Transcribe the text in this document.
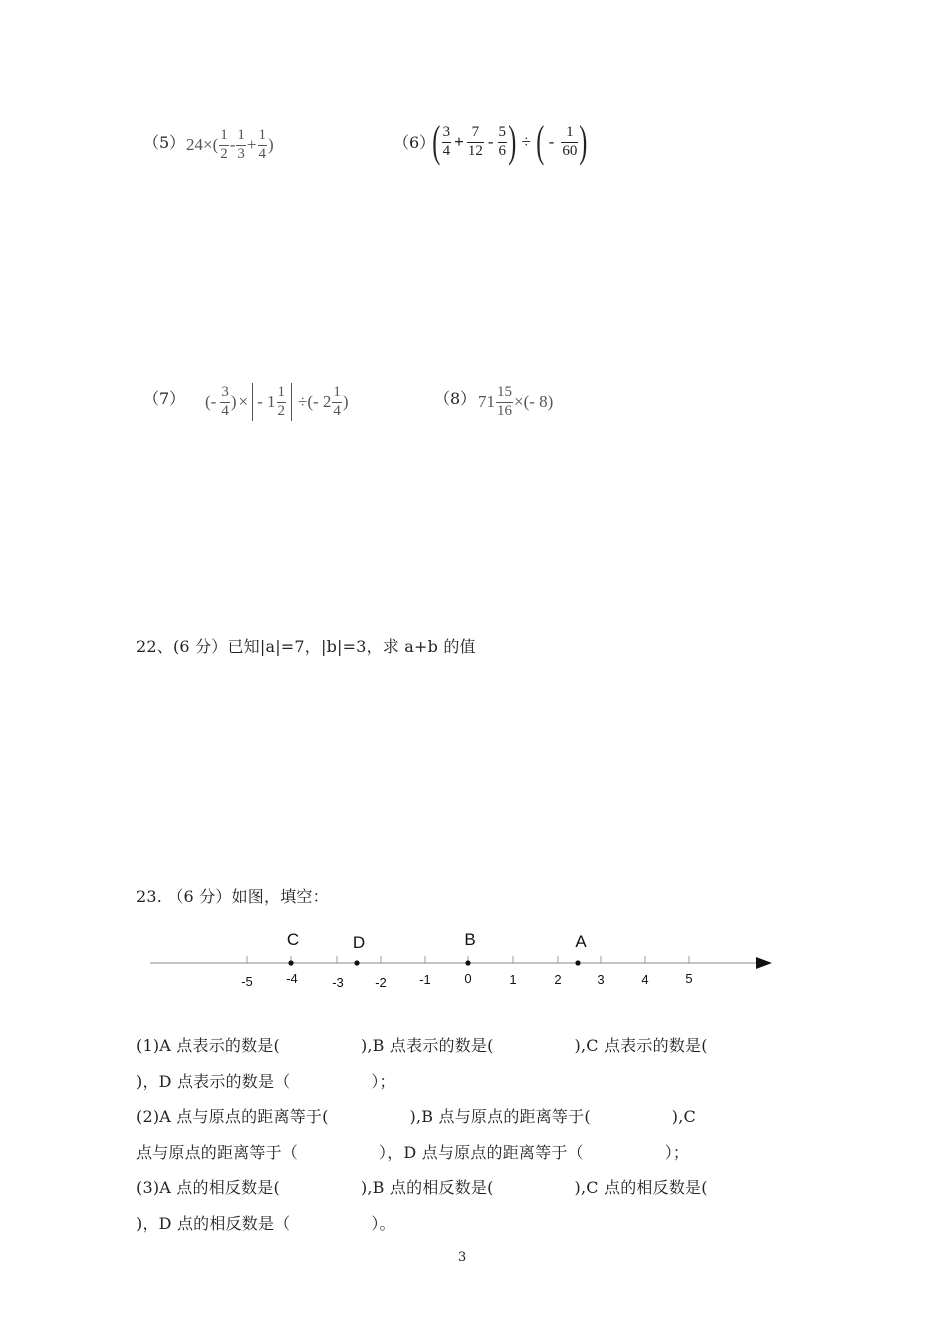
（5） 24 ×( $\frac{1}{2} - \frac{1}{3} + \frac{1}{4}$ )	（6）
( $\frac{3}{4} + \frac{7}{12} - \frac{5}{6}$ ) ÷ ( - $\frac{1}{60}$ )
（7） (- $\frac{3}{4}$ ) × - $1 \frac{1}{2}$ ÷(- $2 \frac{1}{4}$ )	（8） $71 \frac{15}{16}$ ×(- 8)
22、(6 分）已知|a|=7，|b|=3，求 a+b 的值
23. （6 分）如图，填空：
-5	-4	-3 -2 -1	0	1	2	3	4	5
C	D	B	A
(1)A 点表示的数是(　　　　　),B 点表示的数是(　　　　　),C 点表示的数是(
)，D 点表示的数是（　　　　　）；
(2)A 点与原点的距离等于(　　　　　),B 点与原点的距离等于(　　　　　),C
点与原点的距离等于（　　　　　），D 点与原点的距离等于（　　　　　）；
(3)A 点的相反数是(　　　　　),B 点的相反数是(　　　　　),C 点的相反数是(
)，D 点的相反数是（　　　　　）。
3
